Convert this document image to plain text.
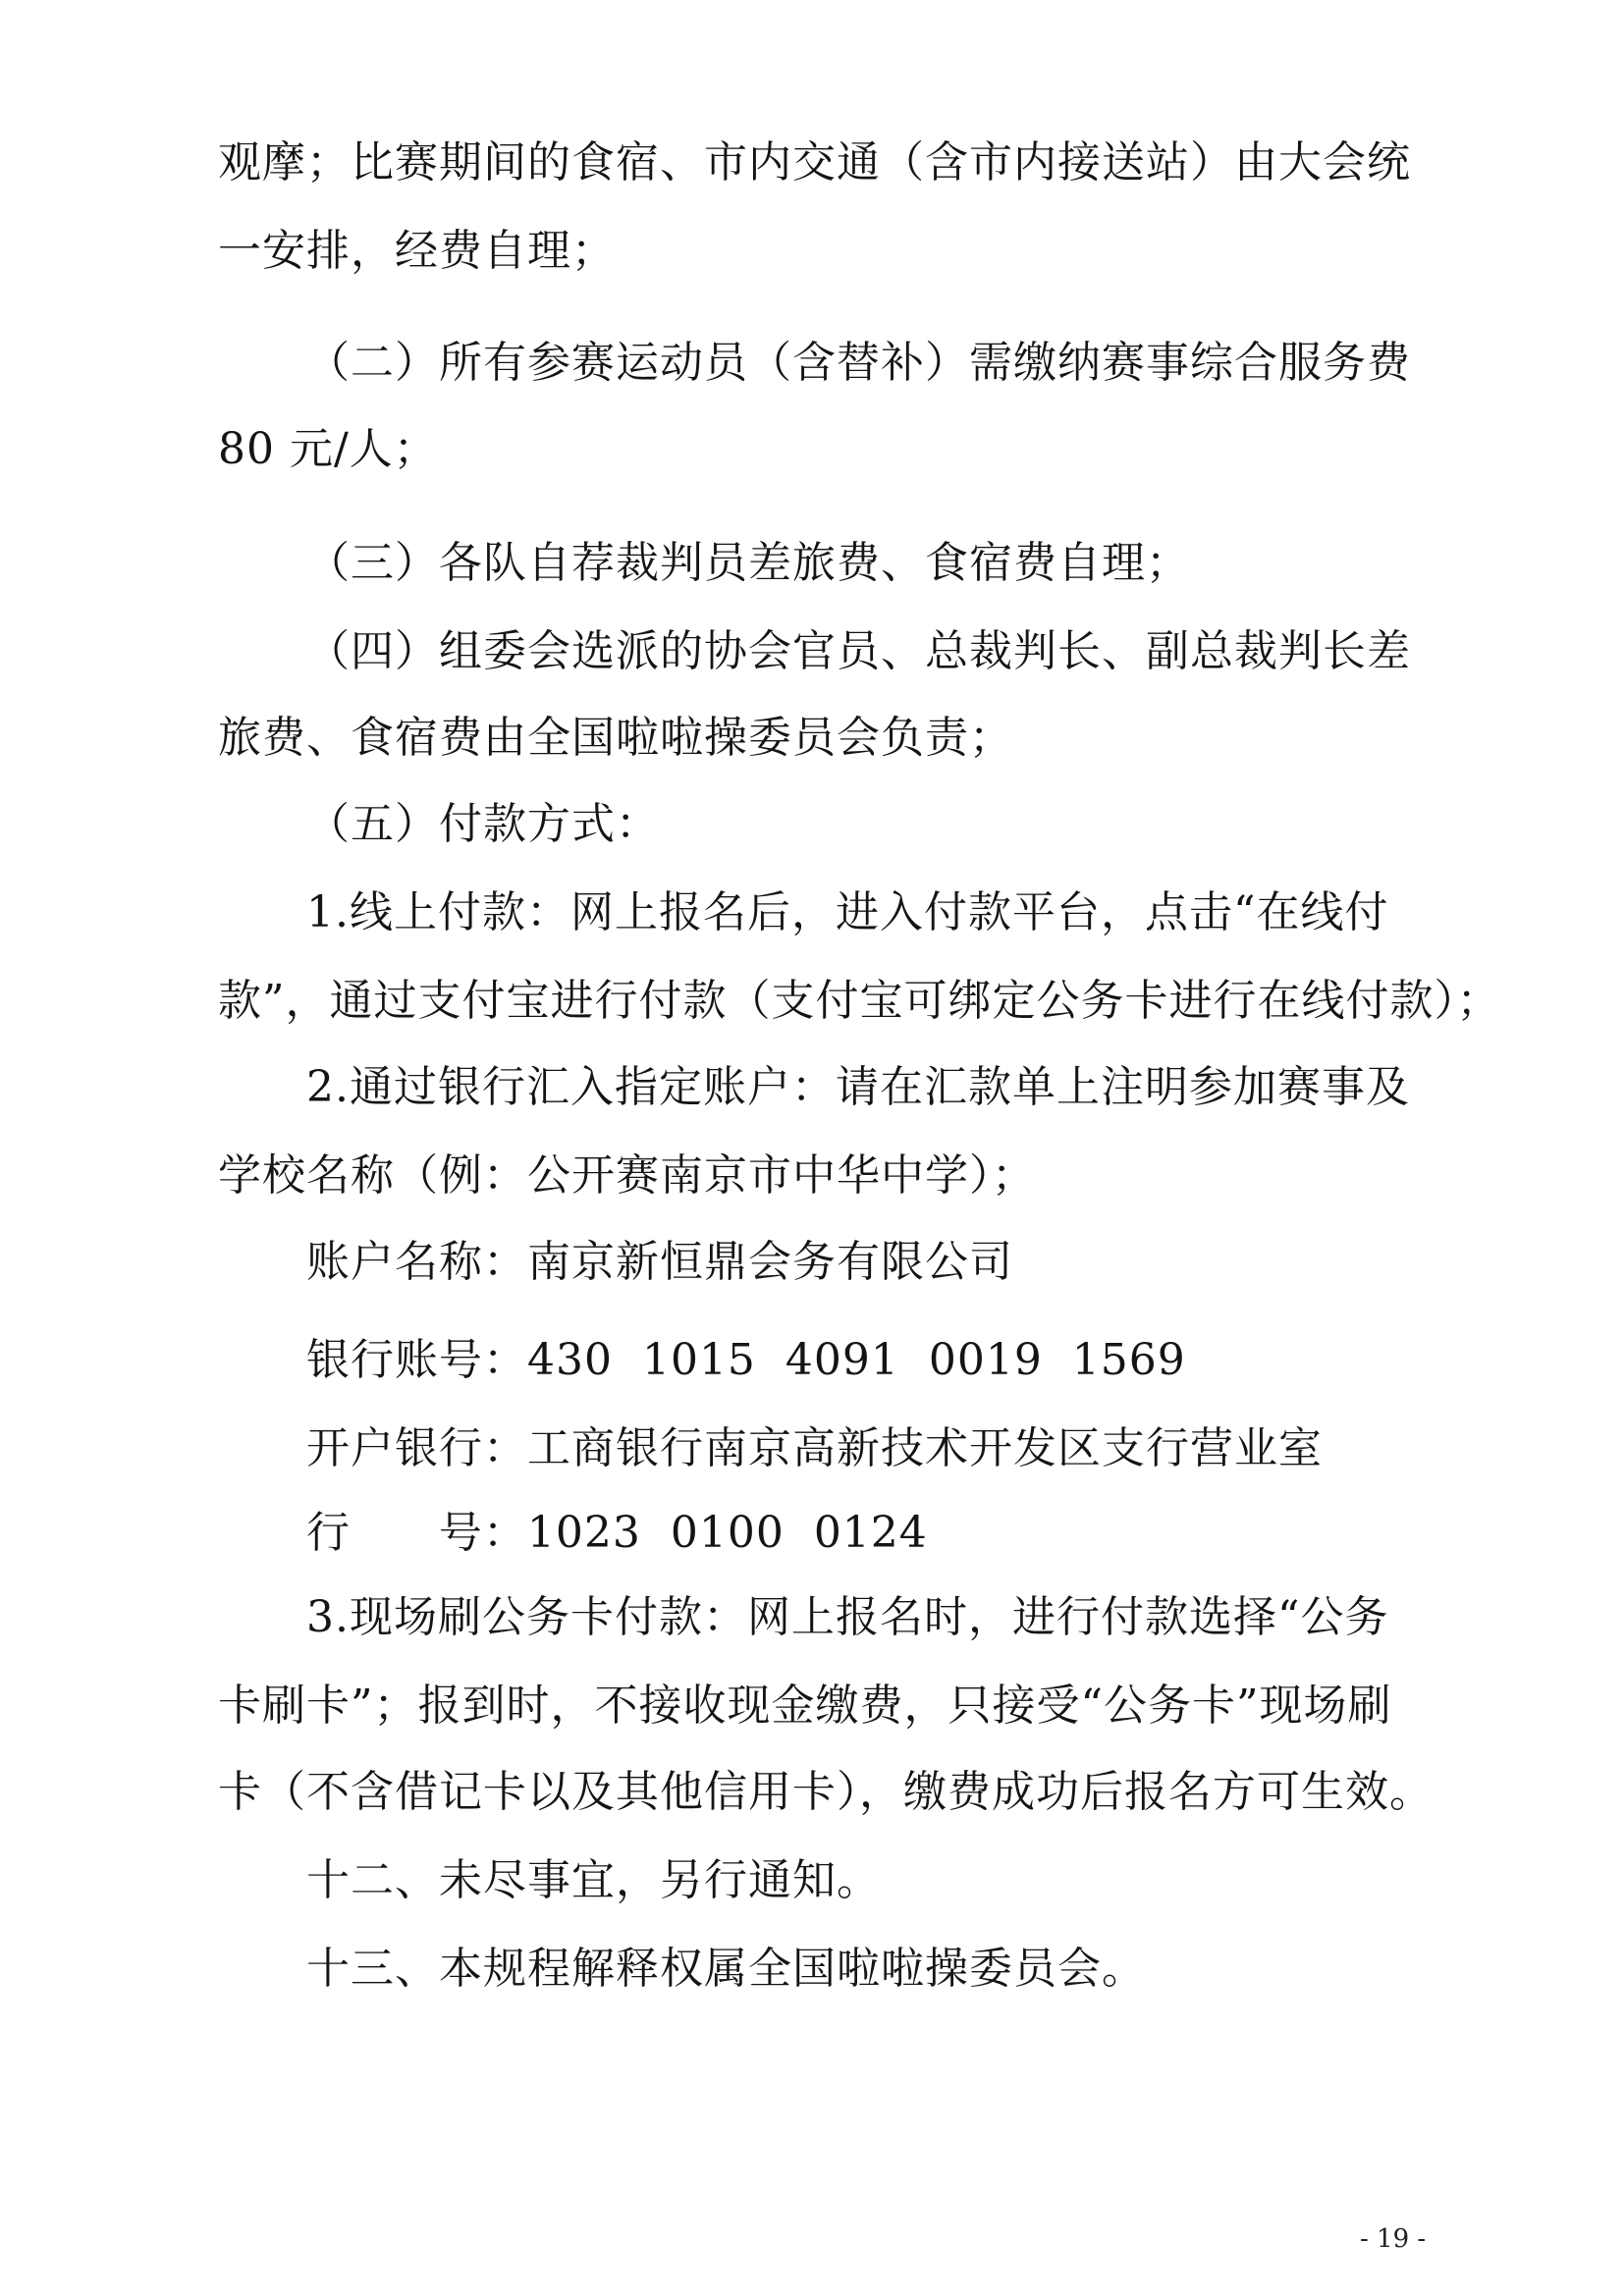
观摩；比赛期间的食宿、市内交通（含市内接送站）由大会统
一安排，经费自理；
（二）所有参赛运动员（含替补）需缴纳赛事综合服务费
80 元/人；
（三）各队自荐裁判员差旅费、食宿费自理；
（四）组委会选派的协会官员、总裁判长、副总裁判长差
旅费、食宿费由全国啦啦操委员会负责；
（五）付款方式：
1.线上付款：网上报名后，进入付款平台，点击“在线付
款”，通过支付宝进行付款（支付宝可绑定公务卡进行在线付款）；
2.通过银行汇入指定账户：请在汇款单上注明参加赛事及
学校名称（例：公开赛南京市中华中学）；
账户名称：南京新恒鼎会务有限公司
银行账号：430  1015  4091  0019  1569
开户银行：工商银行南京高新技术开发区支行营业室
行      号：1023  0100  0124
3.现场刷公务卡付款：网上报名时，进行付款选择“公务
卡刷卡”；报到时，不接收现金缴费，只接受“公务卡”现场刷
卡（不含借记卡以及其他信用卡），缴费成功后报名方可生效。
十二、未尽事宜，另行通知。
十三、本规程解释权属全国啦啦操委员会。
- 19 -
